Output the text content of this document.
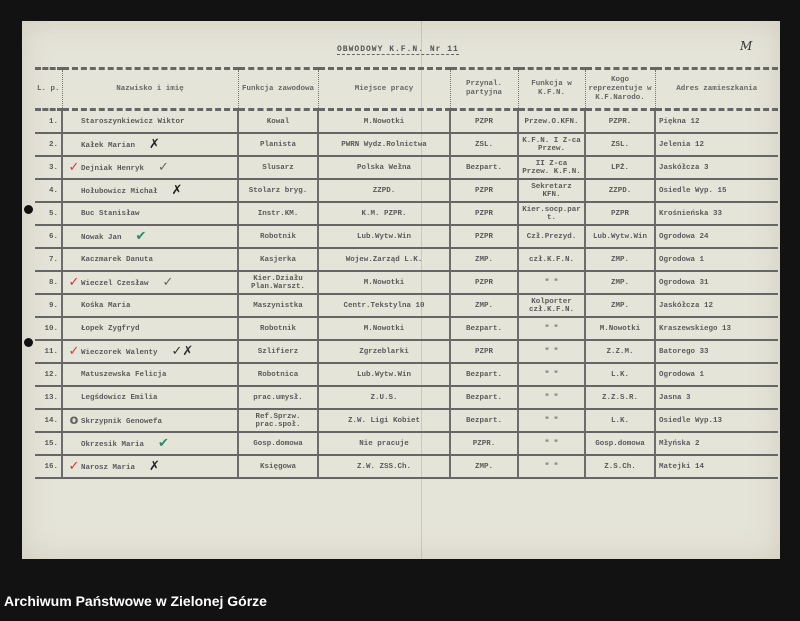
OBWODOWY K.F.N. Nr 11	M
L. p.	Nazwisko i imię	Funkcja zawodowa	Miejsce pracy	Przynal. partyjna	Funkcja w K.F.N.	Kogo reprezentuje w K.F.Narodo.	Adres zamieszkania
1.	Staroszynkiewicz Wiktor	Kowal	M.Nowotki	PZPR	Przew.O.KFN.	PZPR.	Piękna 12
2.	Kałek Marian ✗	Planista	PWRN Wydz.Rolnictwa	ZSL.	K.F.N. I Z-ca Przew.	ZSL.	Jelenia 12
3.	✓ Dejniak Henryk ✓	Slusarz	Polska Wełna	Bezpart.	II Z-ca Przew. K.F.N.	LPŻ.	Jaskółcza 3
4.	Hołubowicz Michał ✗	Stolarz bryg.	ZZPD.	PZPR	Sekretarz KFN.	ZZPD.	Osiedle Wyp. 15
5.	Buc Stanisław	Instr.KM.	K.M. PZPR.	PZPR	Kier.socp.part.	PZPR	Krośnieńska 33
6.	Nowak Jan ✔	Robotnik	Lub.Wytw.Win	PZPR	Czł.Prezyd.	Lub.Wytw.Win	Ogrodowa 24
7.	Kaczmarek Danuta	Kasjerka	Wojew.Zarząd L.K.	ZMP.	czł.K.F.N.	ZMP.	Ogrodowa 1
8.	✓ Wieczel Czesław ✓	Kier.Działu Plan.Warszt.	M.Nowotki	PZPR	" "	ZMP.	Ogrodowa 31
9.	Kośka Maria	Maszynistka	Centr.Tekstylna 10	ZMP.	Kolporter czł.K.F.N.	ZMP.	Jaskółcza 12
10.	Łopek Zygfryd	Robotnik	M.Nowotki	Bezpart.	" "	M.Nowotki	Kraszewskiego 13
11.	✓ Wieczorek Walenty ✓✗	Szlifierz	Zgrzeblarki	PZPR	" "	Z.Z.M.	Batorego 33
12.	Matuszewska Felicja	Robotnica	Lub.Wytw.Win	Bezpart.	" "	L.K.	Ogrodowa 1
13.	Legśdowicz Emilia	prac.umysł.	Z.U.S.	Bezpart.	" "	Z.Z.S.R.	Jasna 3
14.	o Skrzypnik Genowefa	Ref.Sprzw. prac.społ.	Z.W. Ligi Kobiet	Bezpart.	" "	L.K.	Osiedle Wyp.13
15.	Okrzesik Maria ✔	Gosp.domowa	Nie pracuje	PZPR.	" "	Gosp.domowa	Młyńska 2
16.	✓ Narosz Maria ✗	Księgowa	Z.W. ZSS.Ch.	ZMP.	" "	Z.S.Ch.	Matejki 14
Archiwum Państwowe w Zielonej Górze
